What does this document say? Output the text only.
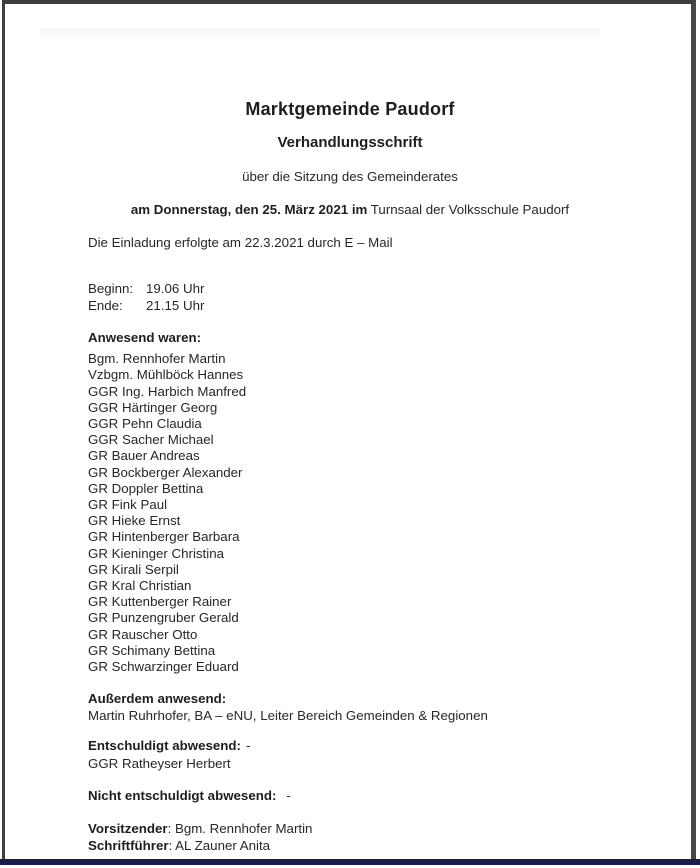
Marktgemeinde Paudorf
Verhandlungsschrift
über die Sitzung des Gemeinderates
am Donnerstag, den 25. März 2021 im Turnsaal der Volksschule Paudorf
Die Einladung erfolgte am 22.3.2021 durch E – Mail
Beginn: 19.06 Uhr
Ende:	21.15 Uhr
Anwesend waren:
Bgm. Rennhofer Martin
Vzbgm. Mühlböck Hannes
GGR Ing. Harbich Manfred
GGR Härtinger Georg
GGR Pehn Claudia
GGR Sacher Michael
GR Bauer Andreas
GR Bockberger Alexander
GR Doppler Bettina
GR Fink Paul
GR Hieke Ernst
GR Hintenberger Barbara
GR Kieninger Christina
GR Kirali Serpil
GR Kral Christian
GR Kuttenberger Rainer
GR Punzengruber Gerald
GR Rauscher Otto
GR Schimany Bettina
GR Schwarzinger Eduard
Außerdem anwesend:
Martin Ruhrhofer, BA – eNU, Leiter Bereich Gemeinden & Regionen
Entschuldigt abwesend: -
GGR Ratheyser Herbert
Nicht entschuldigt abwesend: -
Vorsitzender: Bgm. Rennhofer Martin
Schriftführer: AL Zauner Anita
